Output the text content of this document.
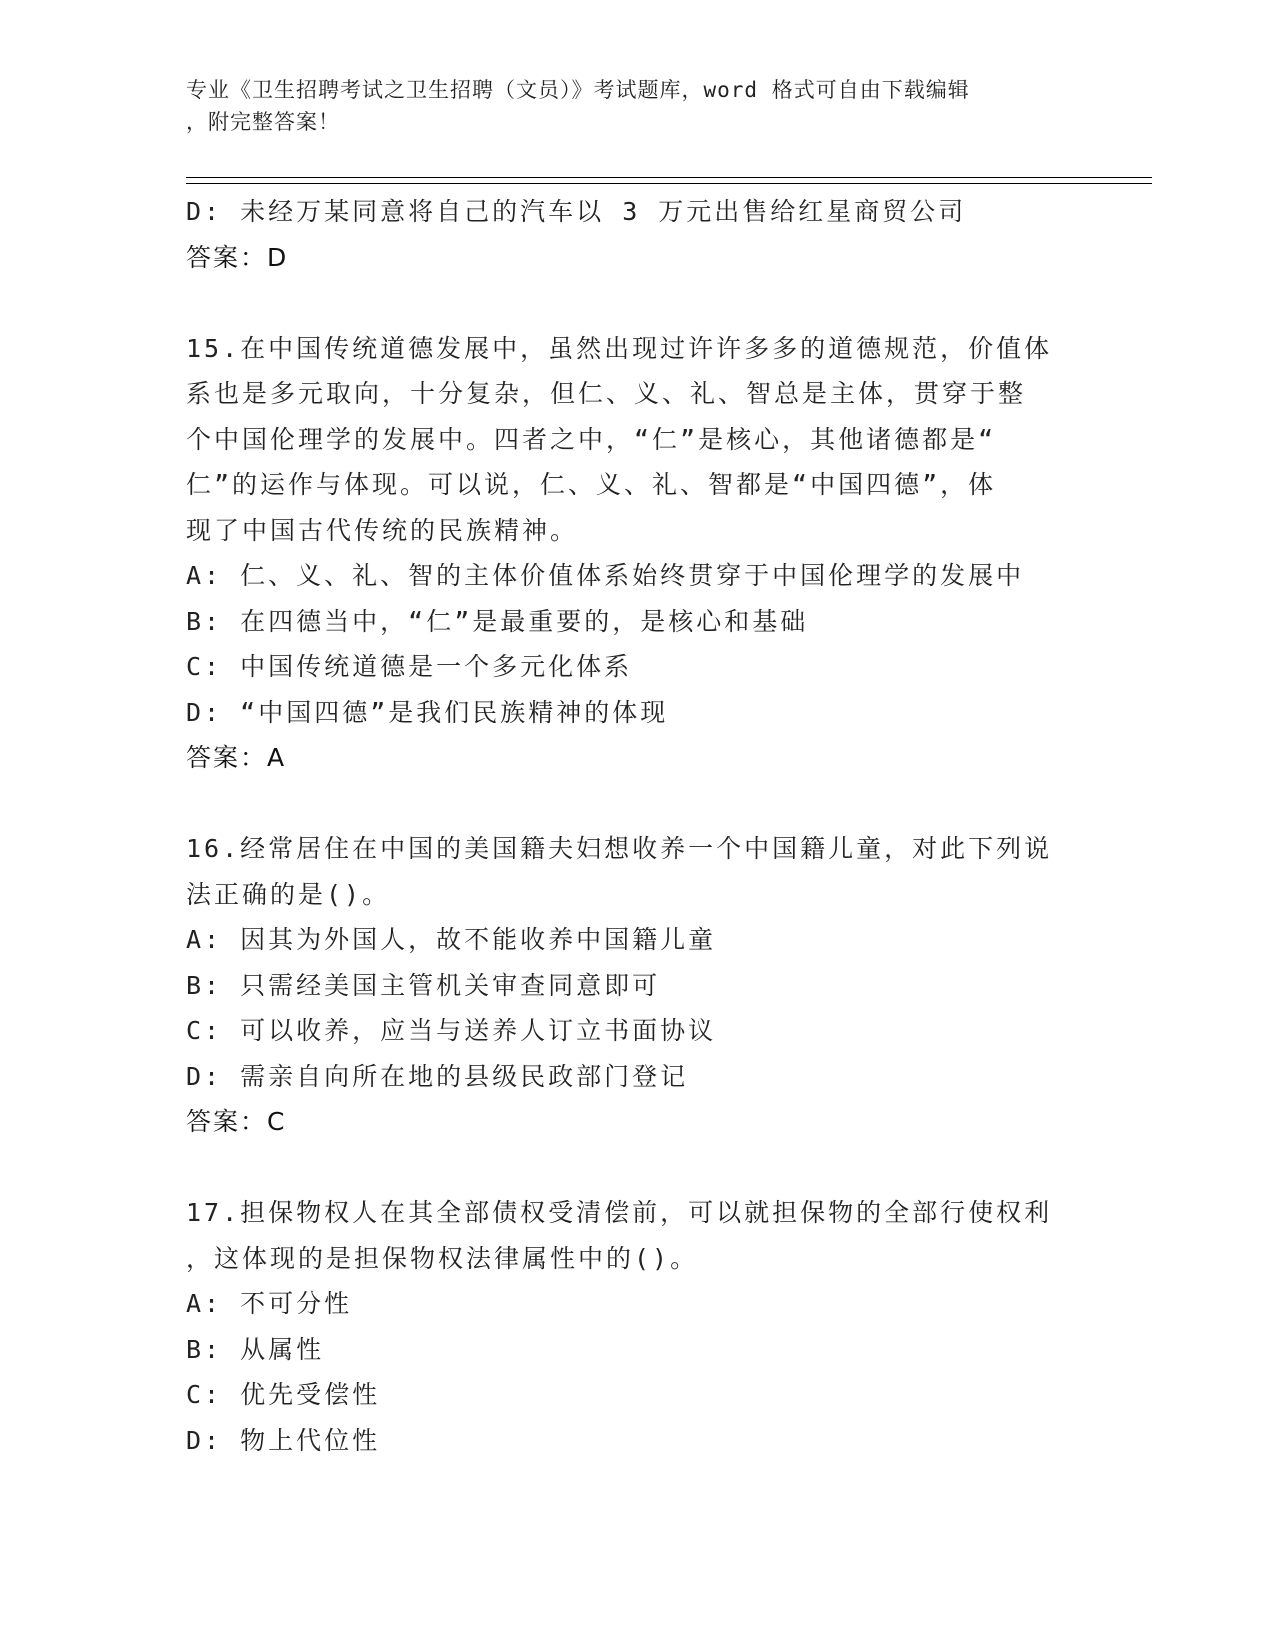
专业《卫生招聘考试之卫生招聘（文员）》考试题库，word 格式可自由下载编辑
，附完整答案！
D: 未经万某同意将自己的汽车以 3 万元出售给红星商贸公司
答案：D
15.在中国传统道德发展中，虽然出现过许许多多的道德规范，价值体
系也是多元取向，十分复杂，但仁、义、礼、智总是主体，贯穿于整
个中国伦理学的发展中。四者之中，“仁”是核心，其他诸德都是“
仁”的运作与体现。可以说，仁、义、礼、智都是“中国四德”，体
现了中国古代传统的民族精神。
A: 仁、义、礼、智的主体价值体系始终贯穿于中国伦理学的发展中
B: 在四德当中，“仁”是最重要的，是核心和基础
C: 中国传统道德是一个多元化体系
D: “中国四德”是我们民族精神的体现
答案：A
16.经常居住在中国的美国籍夫妇想收养一个中国籍儿童，对此下列说
法正确的是()。
A: 因其为外国人，故不能收养中国籍儿童
B: 只需经美国主管机关审查同意即可
C: 可以收养，应当与送养人订立书面协议
D: 需亲自向所在地的县级民政部门登记
答案：C
17.担保物权人在其全部债权受清偿前，可以就担保物的全部行使权利
，这体现的是担保物权法律属性中的()。
A: 不可分性
B: 从属性
C: 优先受偿性
D: 物上代位性
